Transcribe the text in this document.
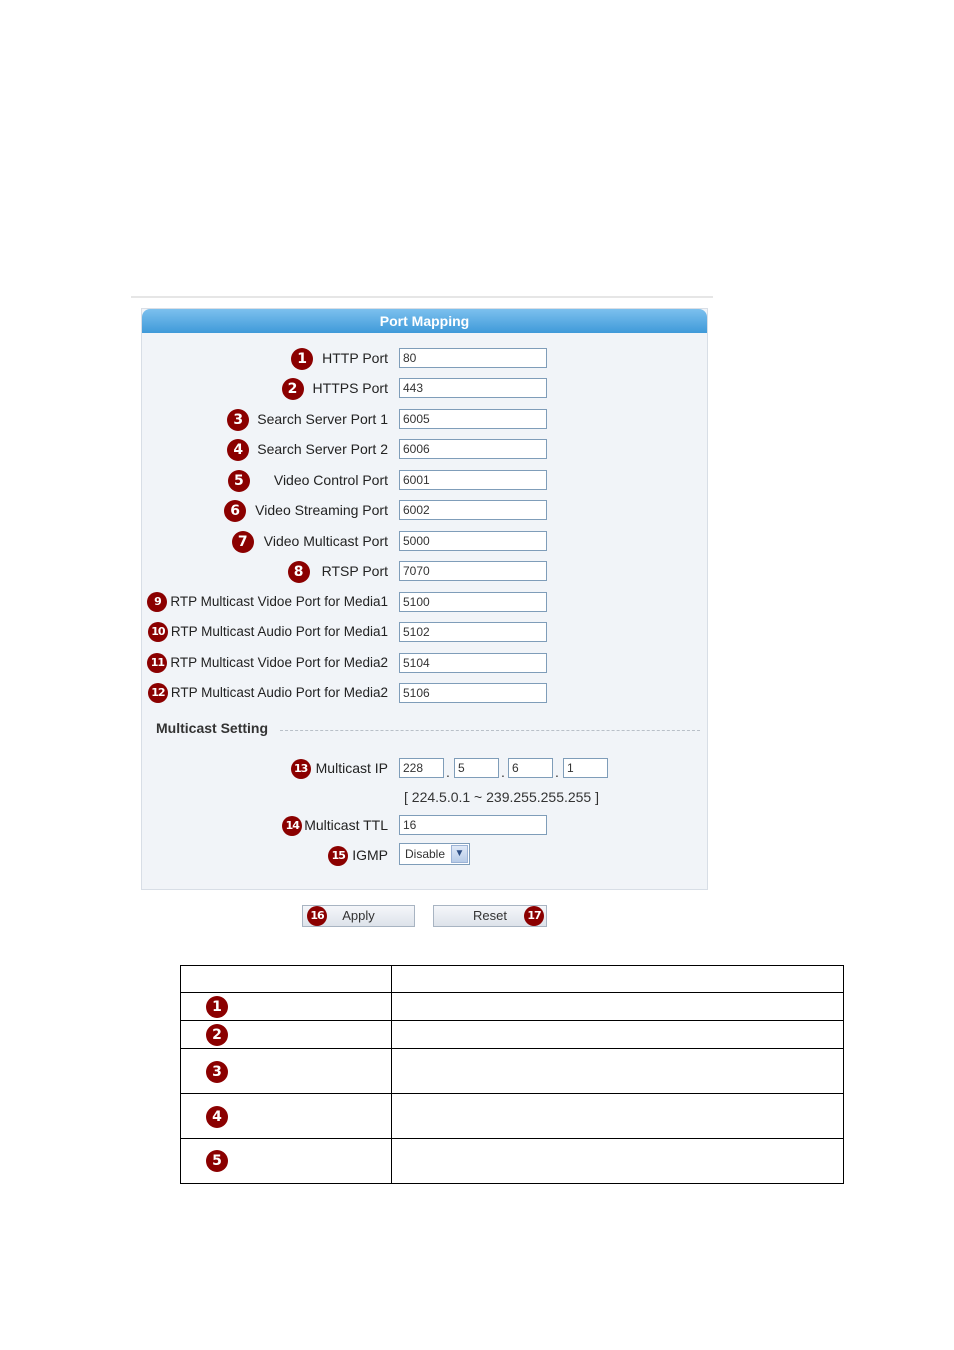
Port Mapping
1 HTTP Port	80
2 HTTPS Port	443
3 Search Server Port 1	6005
4 Search Server Port 2	6006
5 Video Control Port	6001
6 Video Streaming Port	6002
7 Video Multicast Port	5000
8 RTSP Port	7070
9 RTP Multicast Vidoe Port for Media1	5100
10 RTP Multicast Audio Port for Media1	5102
11 RTP Multicast Vidoe Port for Media2	5104
12 RTP Multicast Audio Port for Media2	5106
Multicast Setting
13 Multicast IP	228	. 5	. 6	. 1
[ 224.5.0.1 ~ 239.255.255.255 ]
14 Multicast TTL	16
15 IGMP Disable ▼
16 Apply	Reset	17

1	

2	

3	

4	

5	
